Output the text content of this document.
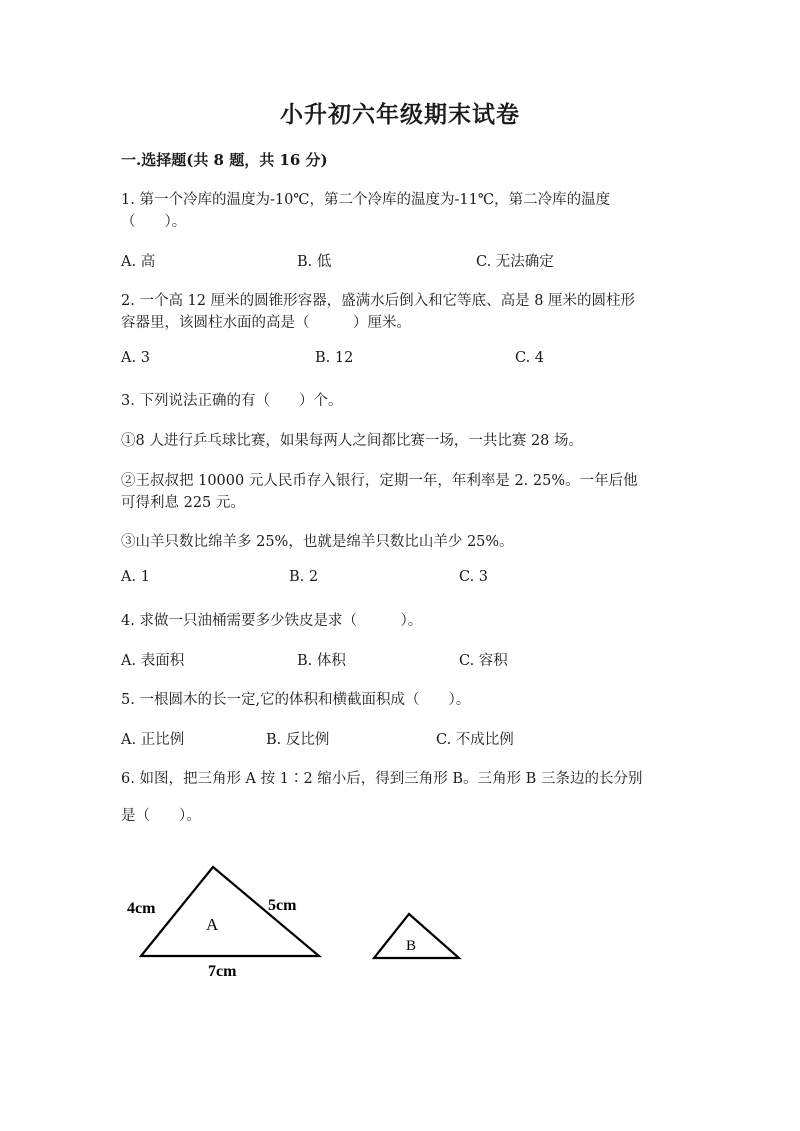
小升初六年级期末试卷
一.选择题(共 8 题，共 16 分)
1. 第一个冷库的温度为-10℃，第二个冷库的温度为-11℃，第二冷库的温度
（　　）。
A. 高	B. 低	C. 无法确定
2. 一个高 12 厘米的圆锥形容器，盛满水后倒入和它等底、高是 8 厘米的圆柱形
容器里，该圆柱水面的高是（　　　）厘米。
A. 3	B. 12	C. 4
3. 下列说法正确的有（　　）个。
①8 人进行乒乓球比赛，如果每两人之间都比赛一场，一共比赛 28 场。
②王叔叔把 10000 元人民币存入银行，定期一年，年利率是 2. 25%。一年后他
可得利息 225 元。
③山羊只数比绵羊多 25%，也就是绵羊只数比山羊少 25%。
A. 1	B. 2	C. 3
4. 求做一只油桶需要多少铁皮是求（　　　）。
A. 表面积	B. 体积	C. 容积
5. 一根圆木的长一定,它的体积和横截面积成（　　）。
A. 正比例	B. 反比例	C. 不成比例
6. 如图，把三角形 A 按 1∶2 缩小后，得到三角形 B。三角形 B 三条边的长分别
是（　　）。
A
B
4cm	5cm
7cm
